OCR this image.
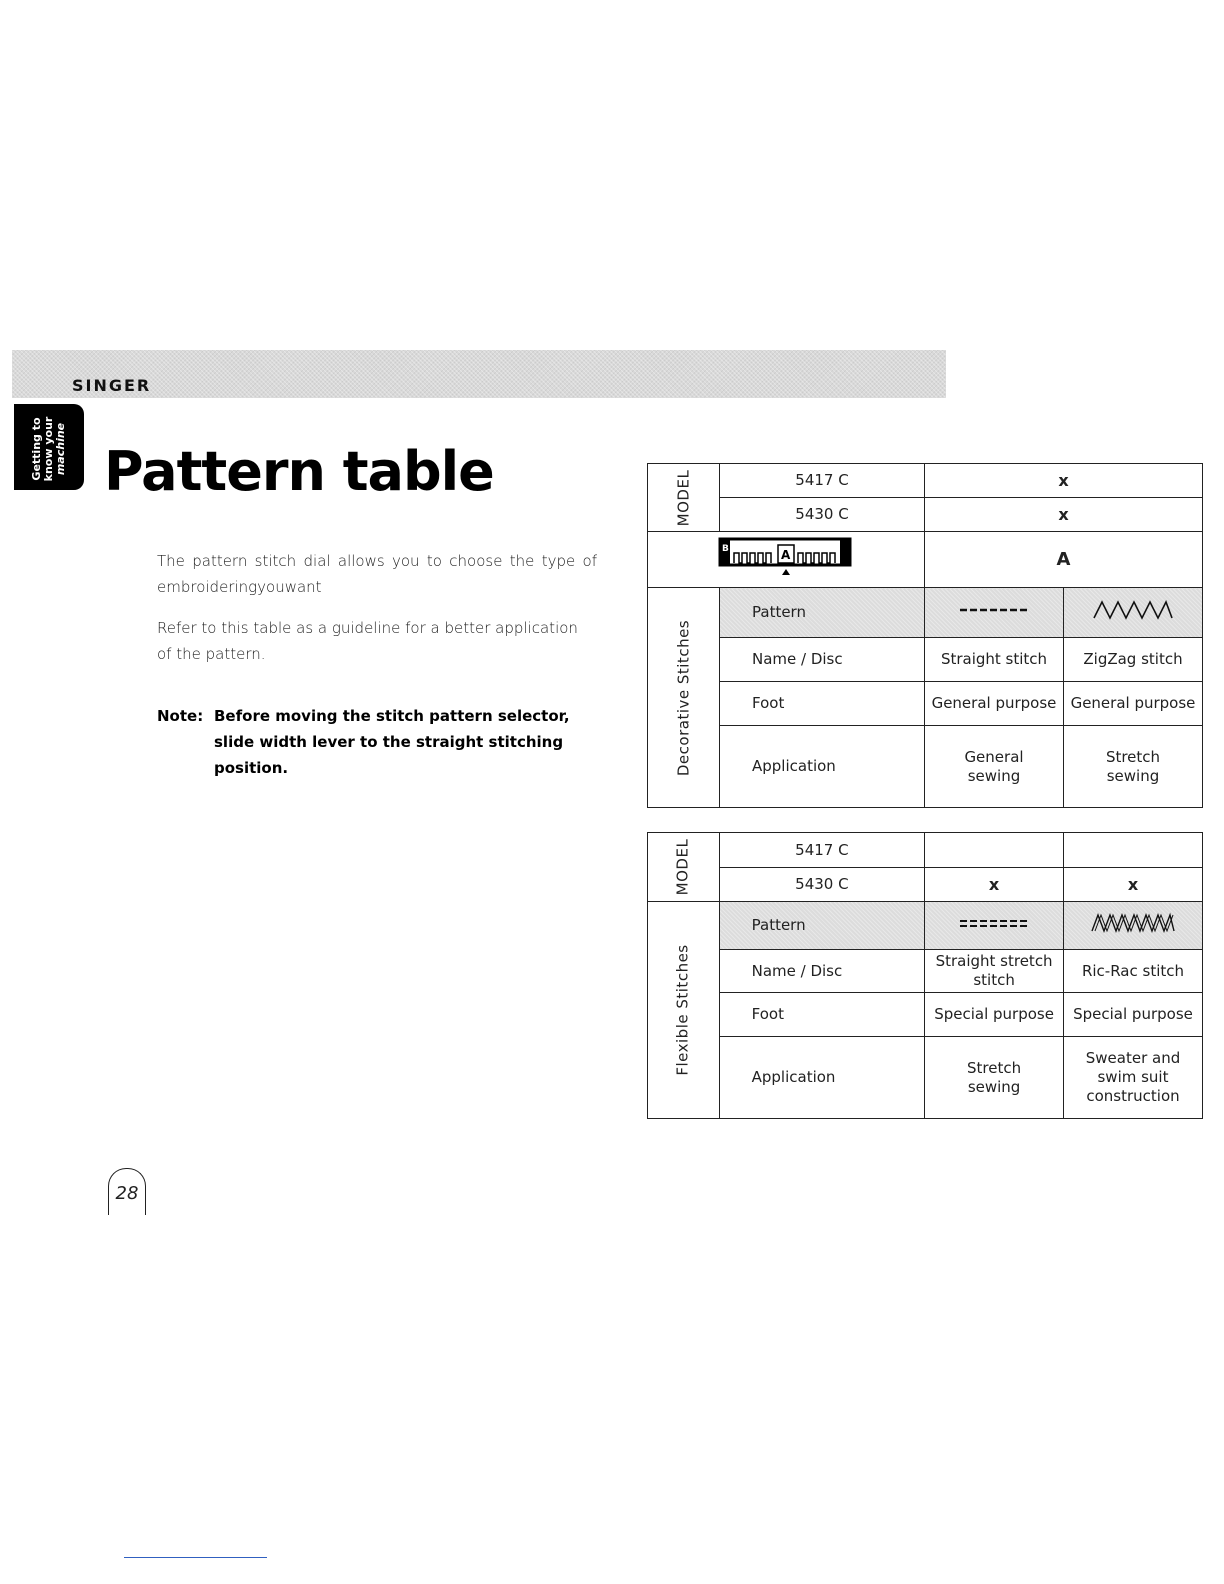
SINGER
Getting to know your machine Pattern table
The pattern stitch dial allows you to choose the type of embroideringyouwant
Refer to this table as a guideline for a better application of the pattern.
Note: Before moving the stitch pattern selector, slide width lever to the straight stitching position.
MODEL	5417 C	x	
	5430 C	x	

B A		A	

Decorative Stitches	Pattern		
	Name / Disc	Straight stitch	ZigZag stitch
	Foot	General purpose	General purpose
	Application	General sewing	Stretch sewing
MODEL	5417 C		
	5430 C	x	x

Flexible Stitches	Pattern		
	Name / Disc	Straight stretch stitch	Ric-Rac stitch
	Foot	Special purpose	Special purpose
	Application	Stretch sewing	Sweater and swim suit construction
28
